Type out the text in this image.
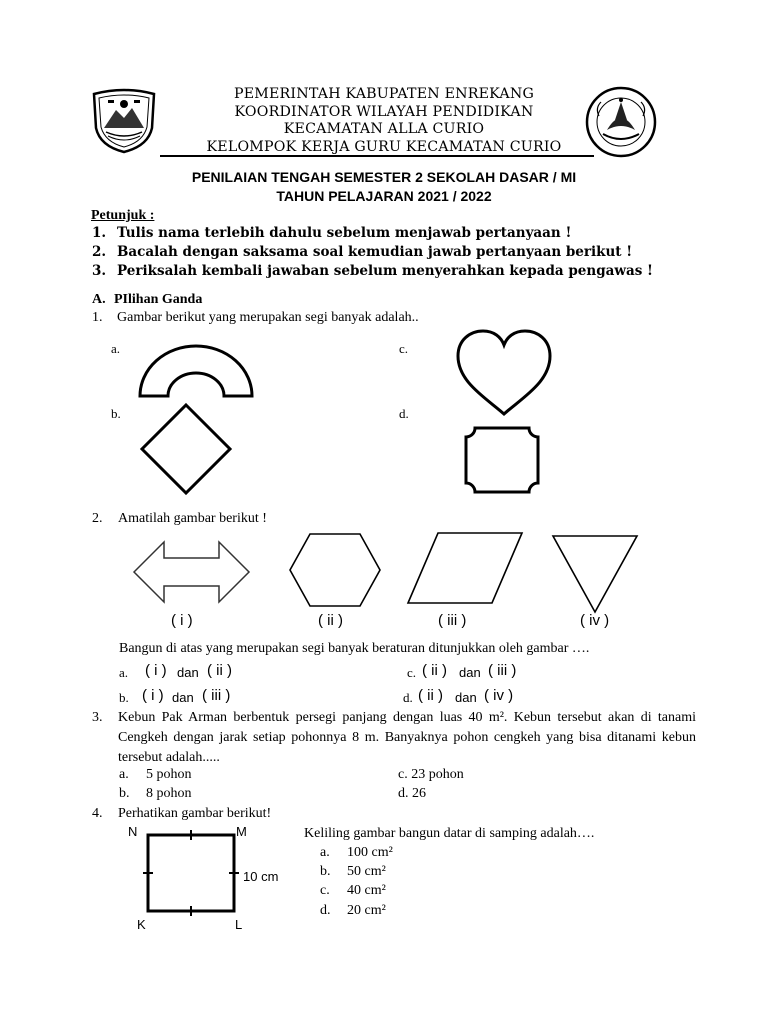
PEMERINTAH KABUPATEN ENREKANG
KOORDINATOR WILAYAH PENDIDIKAN
KECAMATAN ALLA CURIO
KELOMPOK KERJA GURU KECAMATAN CURIO
PENILAIAN TENGAH SEMESTER 2 SEKOLAH DASAR / MI
TAHUN PELAJARAN 2021 / 2022
Petunjuk :
1. Tulis nama terlebih dahulu sebelum menjawab pertanyaan !
2. Bacalah dengan saksama soal kemudian jawab pertanyaan berikut !
3. Periksalah kembali jawaban sebelum menyerahkan kepada pengawas !
A. PIlihan Ganda
1. Gambar berikut yang merupakan segi banyak adalah..
a.	c.
b.	d.
2. Amatilah gambar berikut !
( i )	( ii )	( iii )	( iv )
Bangun di atas yang merupakan segi banyak beraturan ditunjukkan oleh gambar ….
a. ( i ) dan ( ii )	c. ( ii ) dan ( iii )
b. ( i ) dan ( iii )	d. ( ii ) dan ( iv )
3. Kebun Pak Arman berbentuk persegi panjang dengan luas 40 m². Kebun tersebut akan di tanami Cengkeh dengan jarak setiap pohonnya 8 m. Banyaknya pohon cengkeh yang bisa ditanami kebun tersebut adalah.....
a. 5 pohon	c. 23 pohon
b. 8 pohon	d. 26
4. Perhatikan gambar berikut!
N	M
K	L
10 cm
Keliling gambar bangun datar di samping adalah….
a. 100 cm²
b. 50 cm²
c. 40 cm²
d. 20 cm²
